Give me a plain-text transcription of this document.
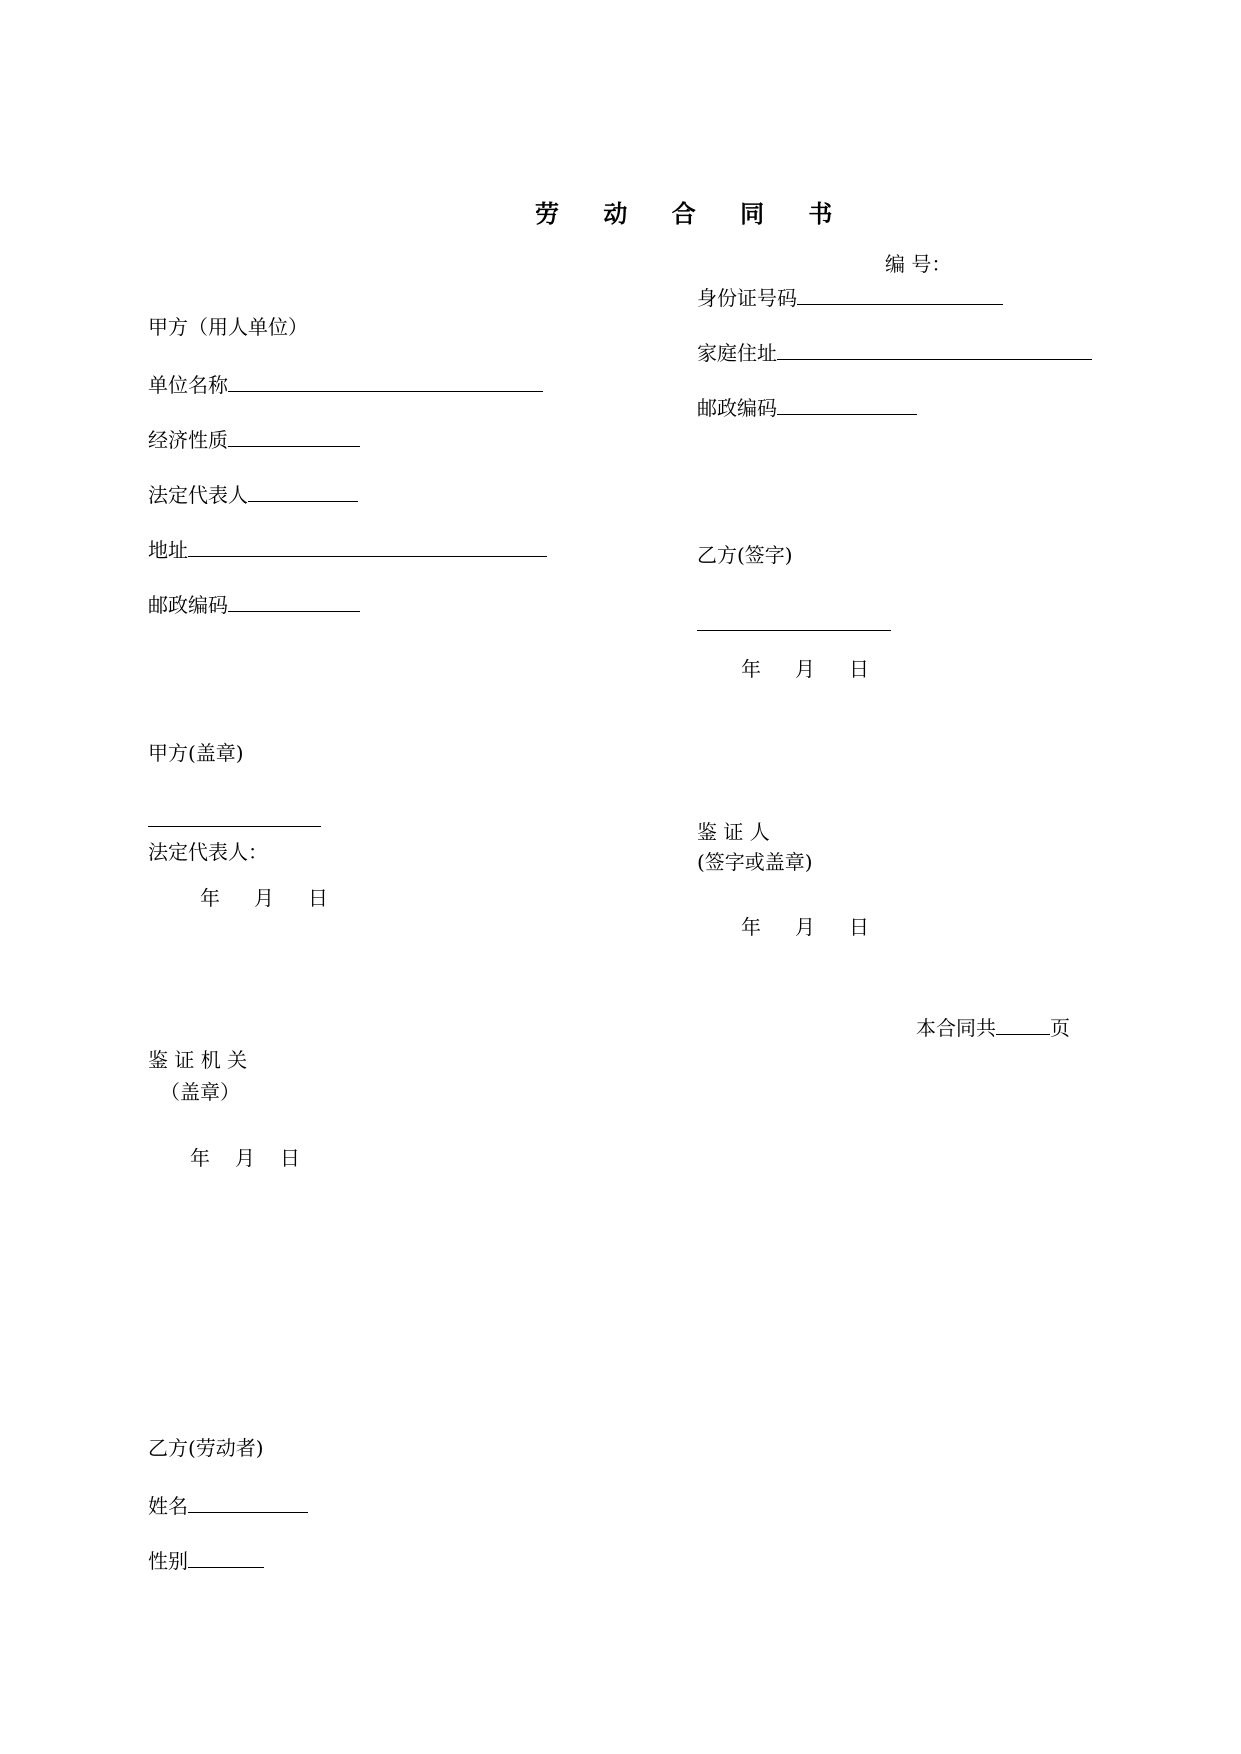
劳 动 合 同 书
编 号：
甲方（用人单位）
单位名称
经济性质
法定代表人
地址
邮政编码
甲方(盖章)
法定代表人：
年 月 日
鉴 证 机 关
（盖章）
年 月 日
乙方(劳动者)
姓名
性别
身份证号码
家庭住址
邮政编码
乙方(签字)
年 月 日
鉴 证 人
(签字或盖章)
年 月 日
本合同共	页
